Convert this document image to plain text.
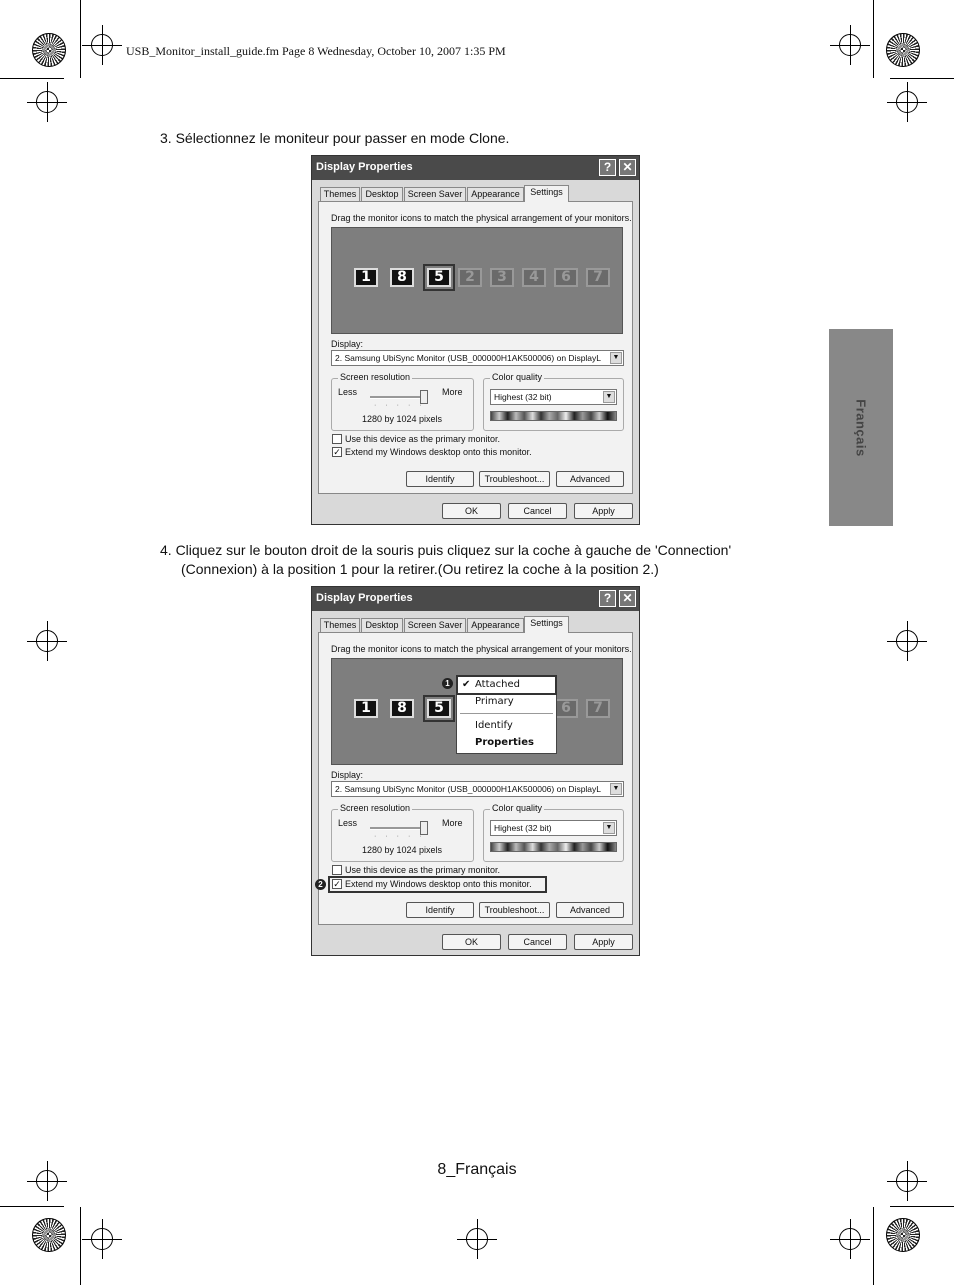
USB_Monitor_install_guide.fm Page 8 Wednesday, October 10, 2007 1:35 PM
Français
3. Sélectionnez le moniteur pour passer en mode Clone.
Display Properties	? ✕
Themes	Desktop	Screen Saver Appearance	Settings
Drag the monitor icons to match the physical arrangement of your monitors.
1	8	5	2	3	4	6	7
Display:
2. Samsung UbiSync Monitor (USB_000000H1AK500006) on DisplayL	▼
Screen resolution
Less	More
·····
1280 by 1024 pixels
Color quality
Highest (32 bit)	▼
Use this device as the primary monitor.
✓ Extend my Windows desktop onto this monitor.
Identify	Troubleshoot...	Advanced
OK	Cancel	Apply
4. Cliquez sur le bouton droit de la souris puis cliquez sur la coche à gauche de 'Connection'
(Connexion) à la position 1 pour la retirer.(Ou retirez la coche à la position 2.)
Display Properties	? ✕
Themes	Desktop	Screen Saver Appearance	Settings
Drag the monitor icons to match the physical arrangement of your monitors.
1	8	5	6	7
1	✔ Attached
Primary
Identify
Properties
Display:
2. Samsung UbiSync Monitor (USB_000000H1AK500006) on DisplayL	▼
Screen resolution
Less	More
·····
1280 by 1024 pixels
Color quality
Highest (32 bit)	▼
Use this device as the primary monitor.
2	✓ Extend my Windows desktop onto this monitor.
Identify	Troubleshoot...	Advanced
OK	Cancel	Apply
8_Français
